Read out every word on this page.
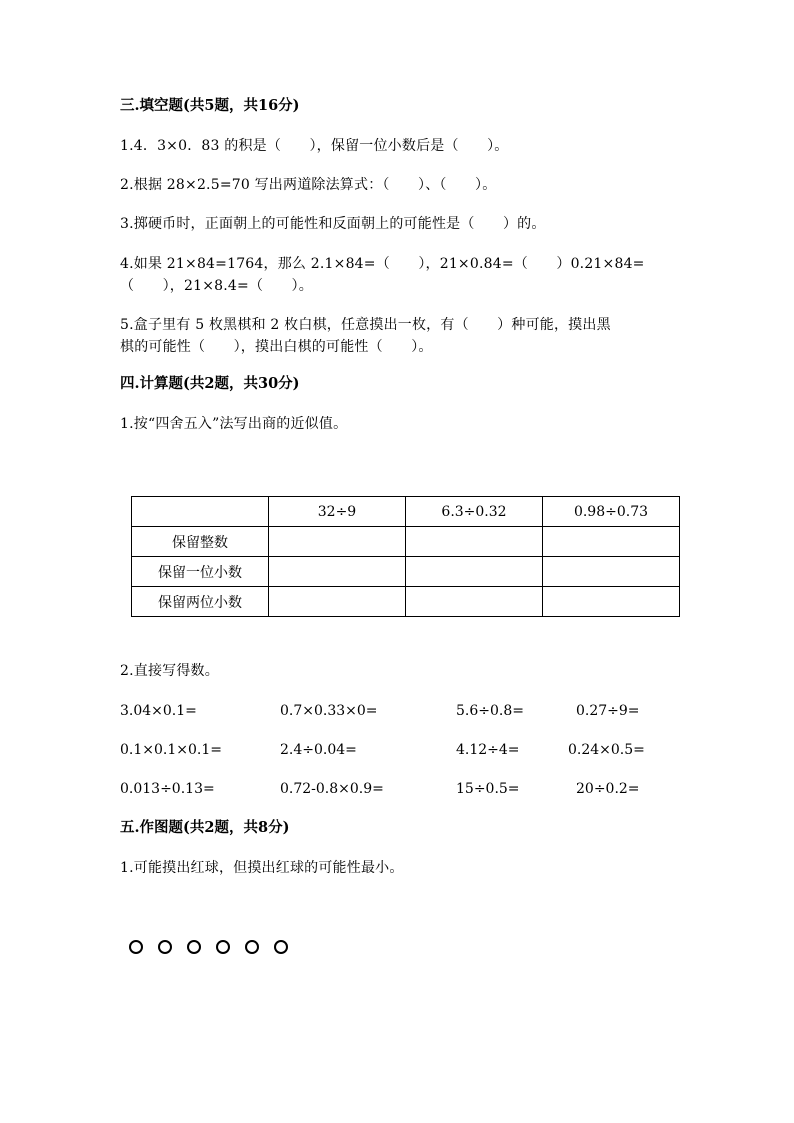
三.填空题(共5题，共16分)
1.4．3×0．83 的积是（　　），保留一位小数后是（　　）。
2.根据 28×2.5=70 写出两道除法算式：（　　）、（　　）。
3.掷硬币时，正面朝上的可能性和反面朝上的可能性是（　　）的。
4.如果 21×84=1764，那么 2.1×84=（　　），21×0.84=（　　）0.21×84=
（　　），21×8.4=（　　）。
5.盒子里有 5 枚黑棋和 2 枚白棋，任意摸出一枚，有（　　）种可能，摸出黑
棋的可能性（　　），摸出白棋的可能性（　　）。
四.计算题(共2题，共30分)
1.按“四舍五入”法写出商的近似值。
	32÷9	6.3÷0.32	0.98÷0.73
保留整数			
保留一位小数			
保留两位小数			
2.直接写得数。
3.04×0.1=	0.7×0.33×0=	5.6÷0.8=	0.27÷9=
0.1×0.1×0.1=	2.4÷0.04=	4.12÷4=	0.24×0.5=
0.013÷0.13=	0.72-0.8×0.9=	15÷0.5=	20÷0.2=
五.作图题(共2题，共8分)
1.可能摸出红球，但摸出红球的可能性最小。
